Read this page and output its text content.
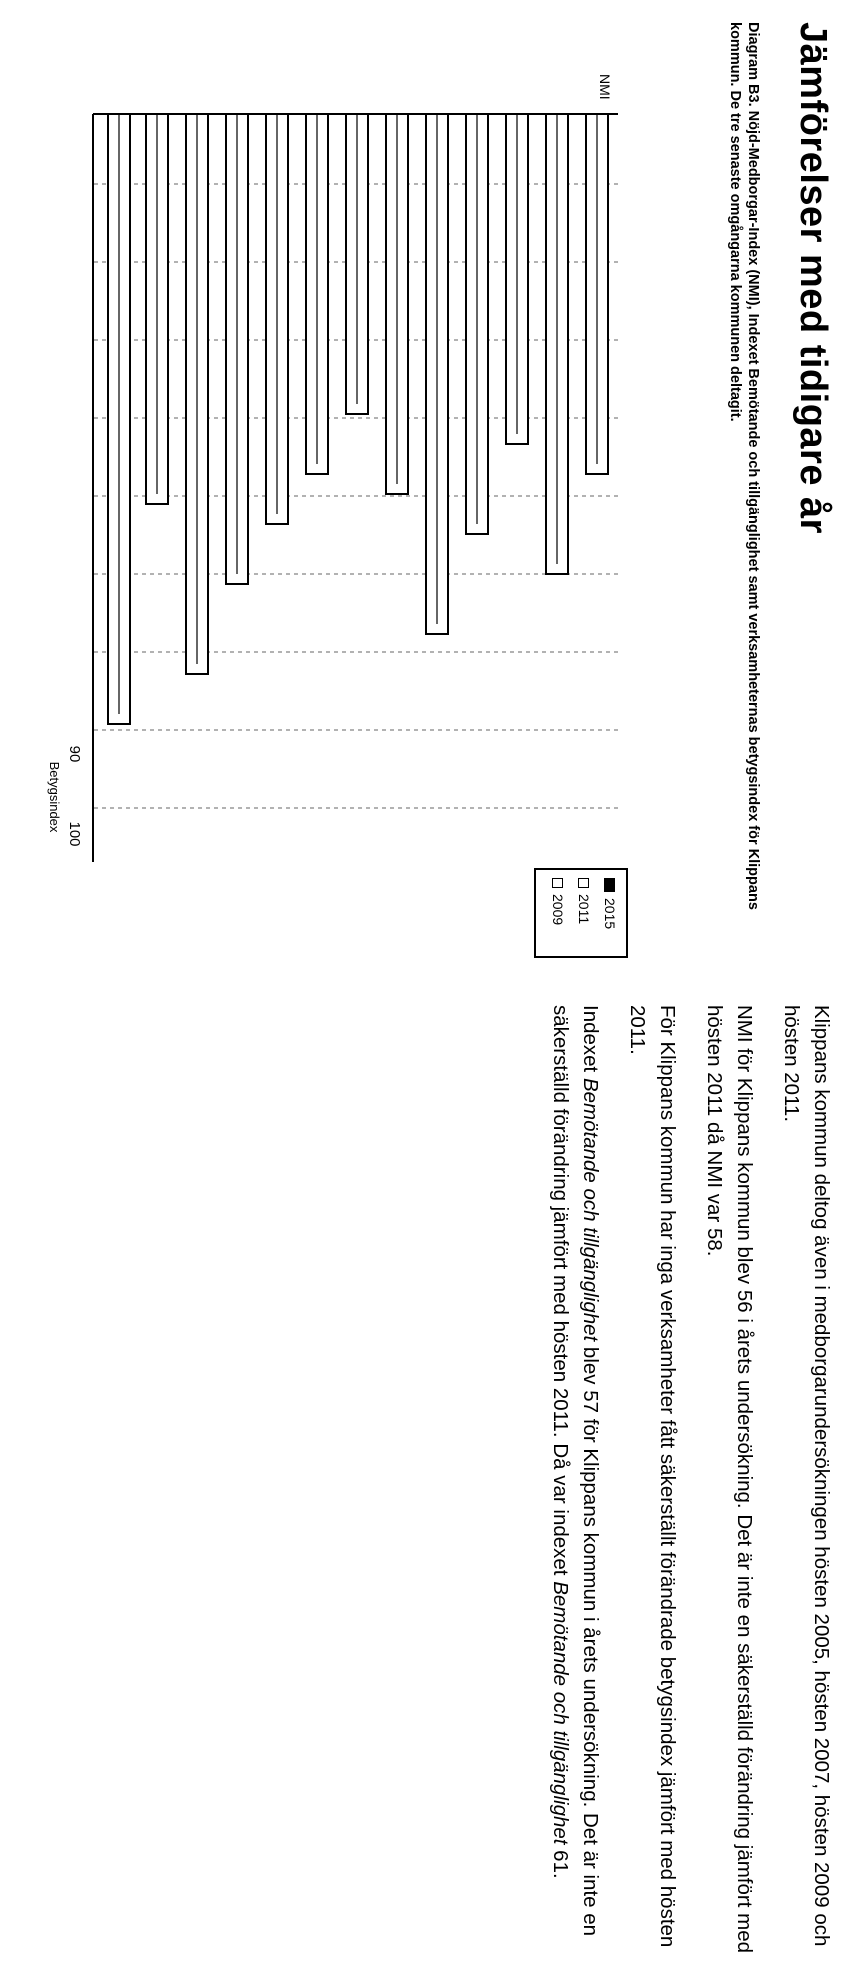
Jämförelser med tidigare år
Diagram B3. Nöjd-Medborgar-Index (NMI), Indexet Bemötande och tillgänglighet samt verksamheternas betygsindex för Klippans kommun. De tre senaste omgångarna kommunen deltagit.
NMI
90
100
Betygsindex
2015
2011
2009

Klippans kommun deltog även i medborgarundersökningen hösten 2005, hösten 2007, hösten 2009 och hösten 2011.

NMI för Klippans kommun blev 56 i årets undersökning. Det är inte en säkerställd förändring jämfört med hösten 2011 då NMI var 58.

För Klippans kommun har inga verksamheter fått säkerställt förändrade betygsindex jämfört med hösten 2011.

Indexet Bemötande och tillgänglighet blev 57 för Klippans kommun i årets undersökning. Det är inte en säkerställd förändring jämfört med hösten 2011. Då var indexet Bemötande och tillgänglighet 61.
